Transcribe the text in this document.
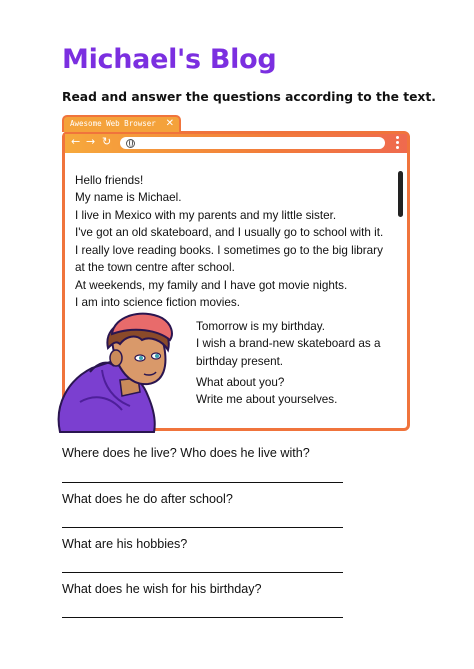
Michael's Blog
Read and answer the questions according to the text.
← → ↻
Awesome Web Browser ✕

Hello friends!

My name is Michael.

I live in Mexico with my parents and my little sister.

I've got an old skateboard, and I usually go to school with it.

I really love reading books. I sometimes go to the big library

at the town centre after school.

At weekends, my family and I have got movie nights.

I am into science fiction movies.

Tomorrow is my birthday.

I wish a brand-new skateboard as a

birthday present.

What about you?

Write me about yourselves.

Where does he live? Who does he live with?

What does he do after school?

What are his hobbies?

What does he wish for his birthday?
